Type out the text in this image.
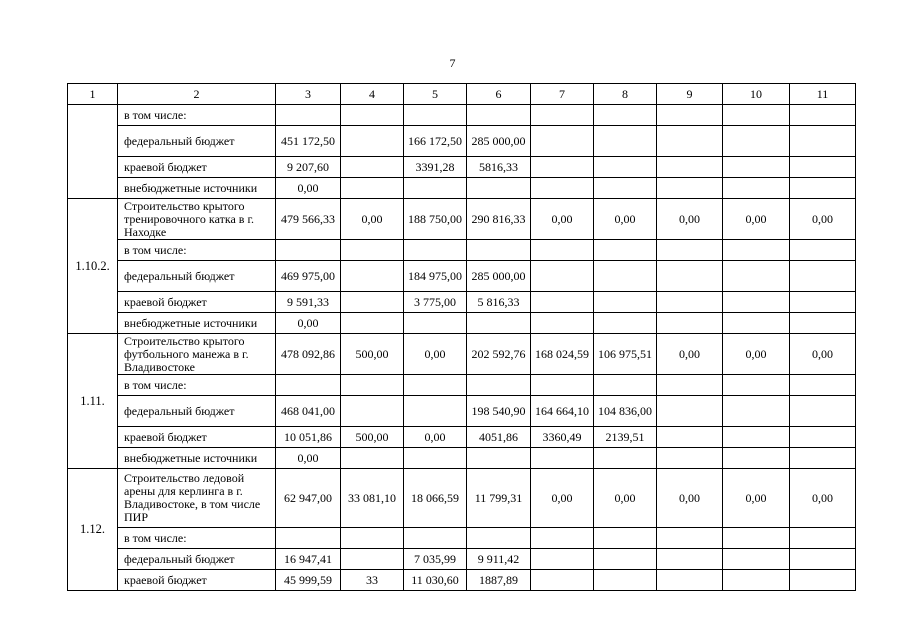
7
1	2	3	4	5	6	7	8	9	10	11
	в том числе:									
	федеральный бюджет	451 172,50		166 172,50	285 000,00					
	краевой бюджет	9 207,60		3391,28	5816,33					
	внебюджетные источники	0,00								
1.10.2.	Строительство крытого тренировочного катка в г. Находке	479 566,33	0,00	188 750,00	290 816,33	0,00	0,00	0,00	0,00	0,00
	в том числе:									
	федеральный бюджет	469 975,00		184 975,00	285 000,00					
	краевой бюджет	9 591,33		3 775,00	5 816,33					
	внебюджетные источники	0,00								
1.11.	Строительство крытого футбольного манежа в г. Владивостоке	478 092,86	500,00	0,00	202 592,76	168 024,59	106 975,51	0,00	0,00	0,00
	в том числе:									
	федеральный бюджет	468 041,00			198 540,90	164 664,10	104 836,00			
	краевой бюджет	10 051,86	500,00	0,00	4051,86	3360,49	2139,51			
	внебюджетные источники	0,00								
1.12.	Строительство ледовой арены для керлинга в г. Владивостоке, в том числе ПИР	62 947,00	33 081,10	18 066,59	11 799,31	0,00	0,00	0,00	0,00	0,00
	в том числе:									
	федеральный бюджет	16 947,41		7 035,99	9 911,42					
	краевой бюджет	45 999,59	33	11 030,60	1887,89					
